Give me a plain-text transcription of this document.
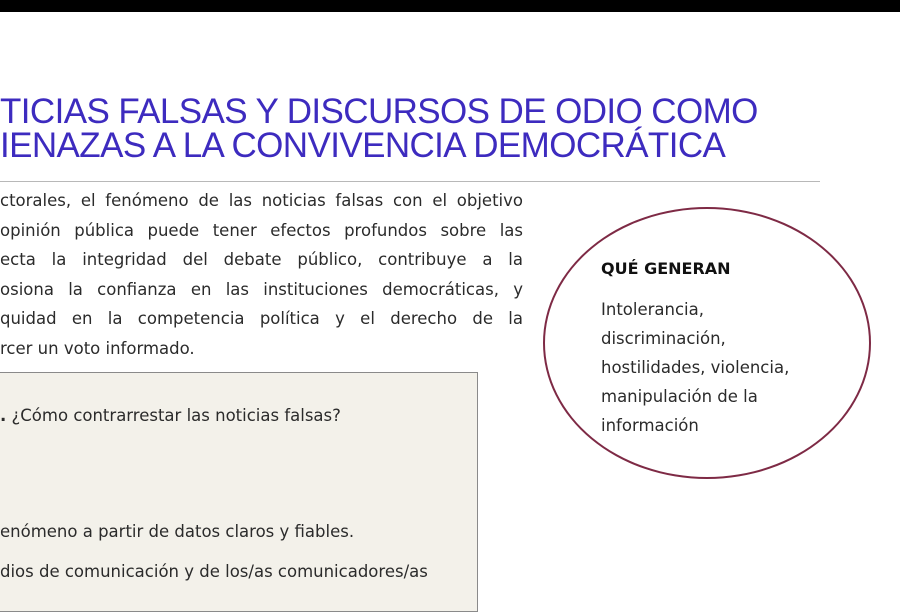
TICIAS FALSAS Y DISCURSOS DE ODIO COMO
IENAZAS A LA CONVIVENCIA DEMOCRÁTICA
ctorales, el fenómeno de las noticias falsas con el objetivo
opinión pública puede tener efectos profundos sobre las
ecta la integridad del debate público, contribuye a la
osiona la confianza en las instituciones democráticas, y
quidad en la competencia política y el derecho de la
rcer un voto informado.
. ¿Cómo contrarrestar las noticias falsas?
enómeno a partir de datos claros y fiables.
dios de comunicación y de los/as comunicadores/as
QUÉ GENERAN
Intolerancia,
discriminación,
hostilidades, violencia,
manipulación de la
información
